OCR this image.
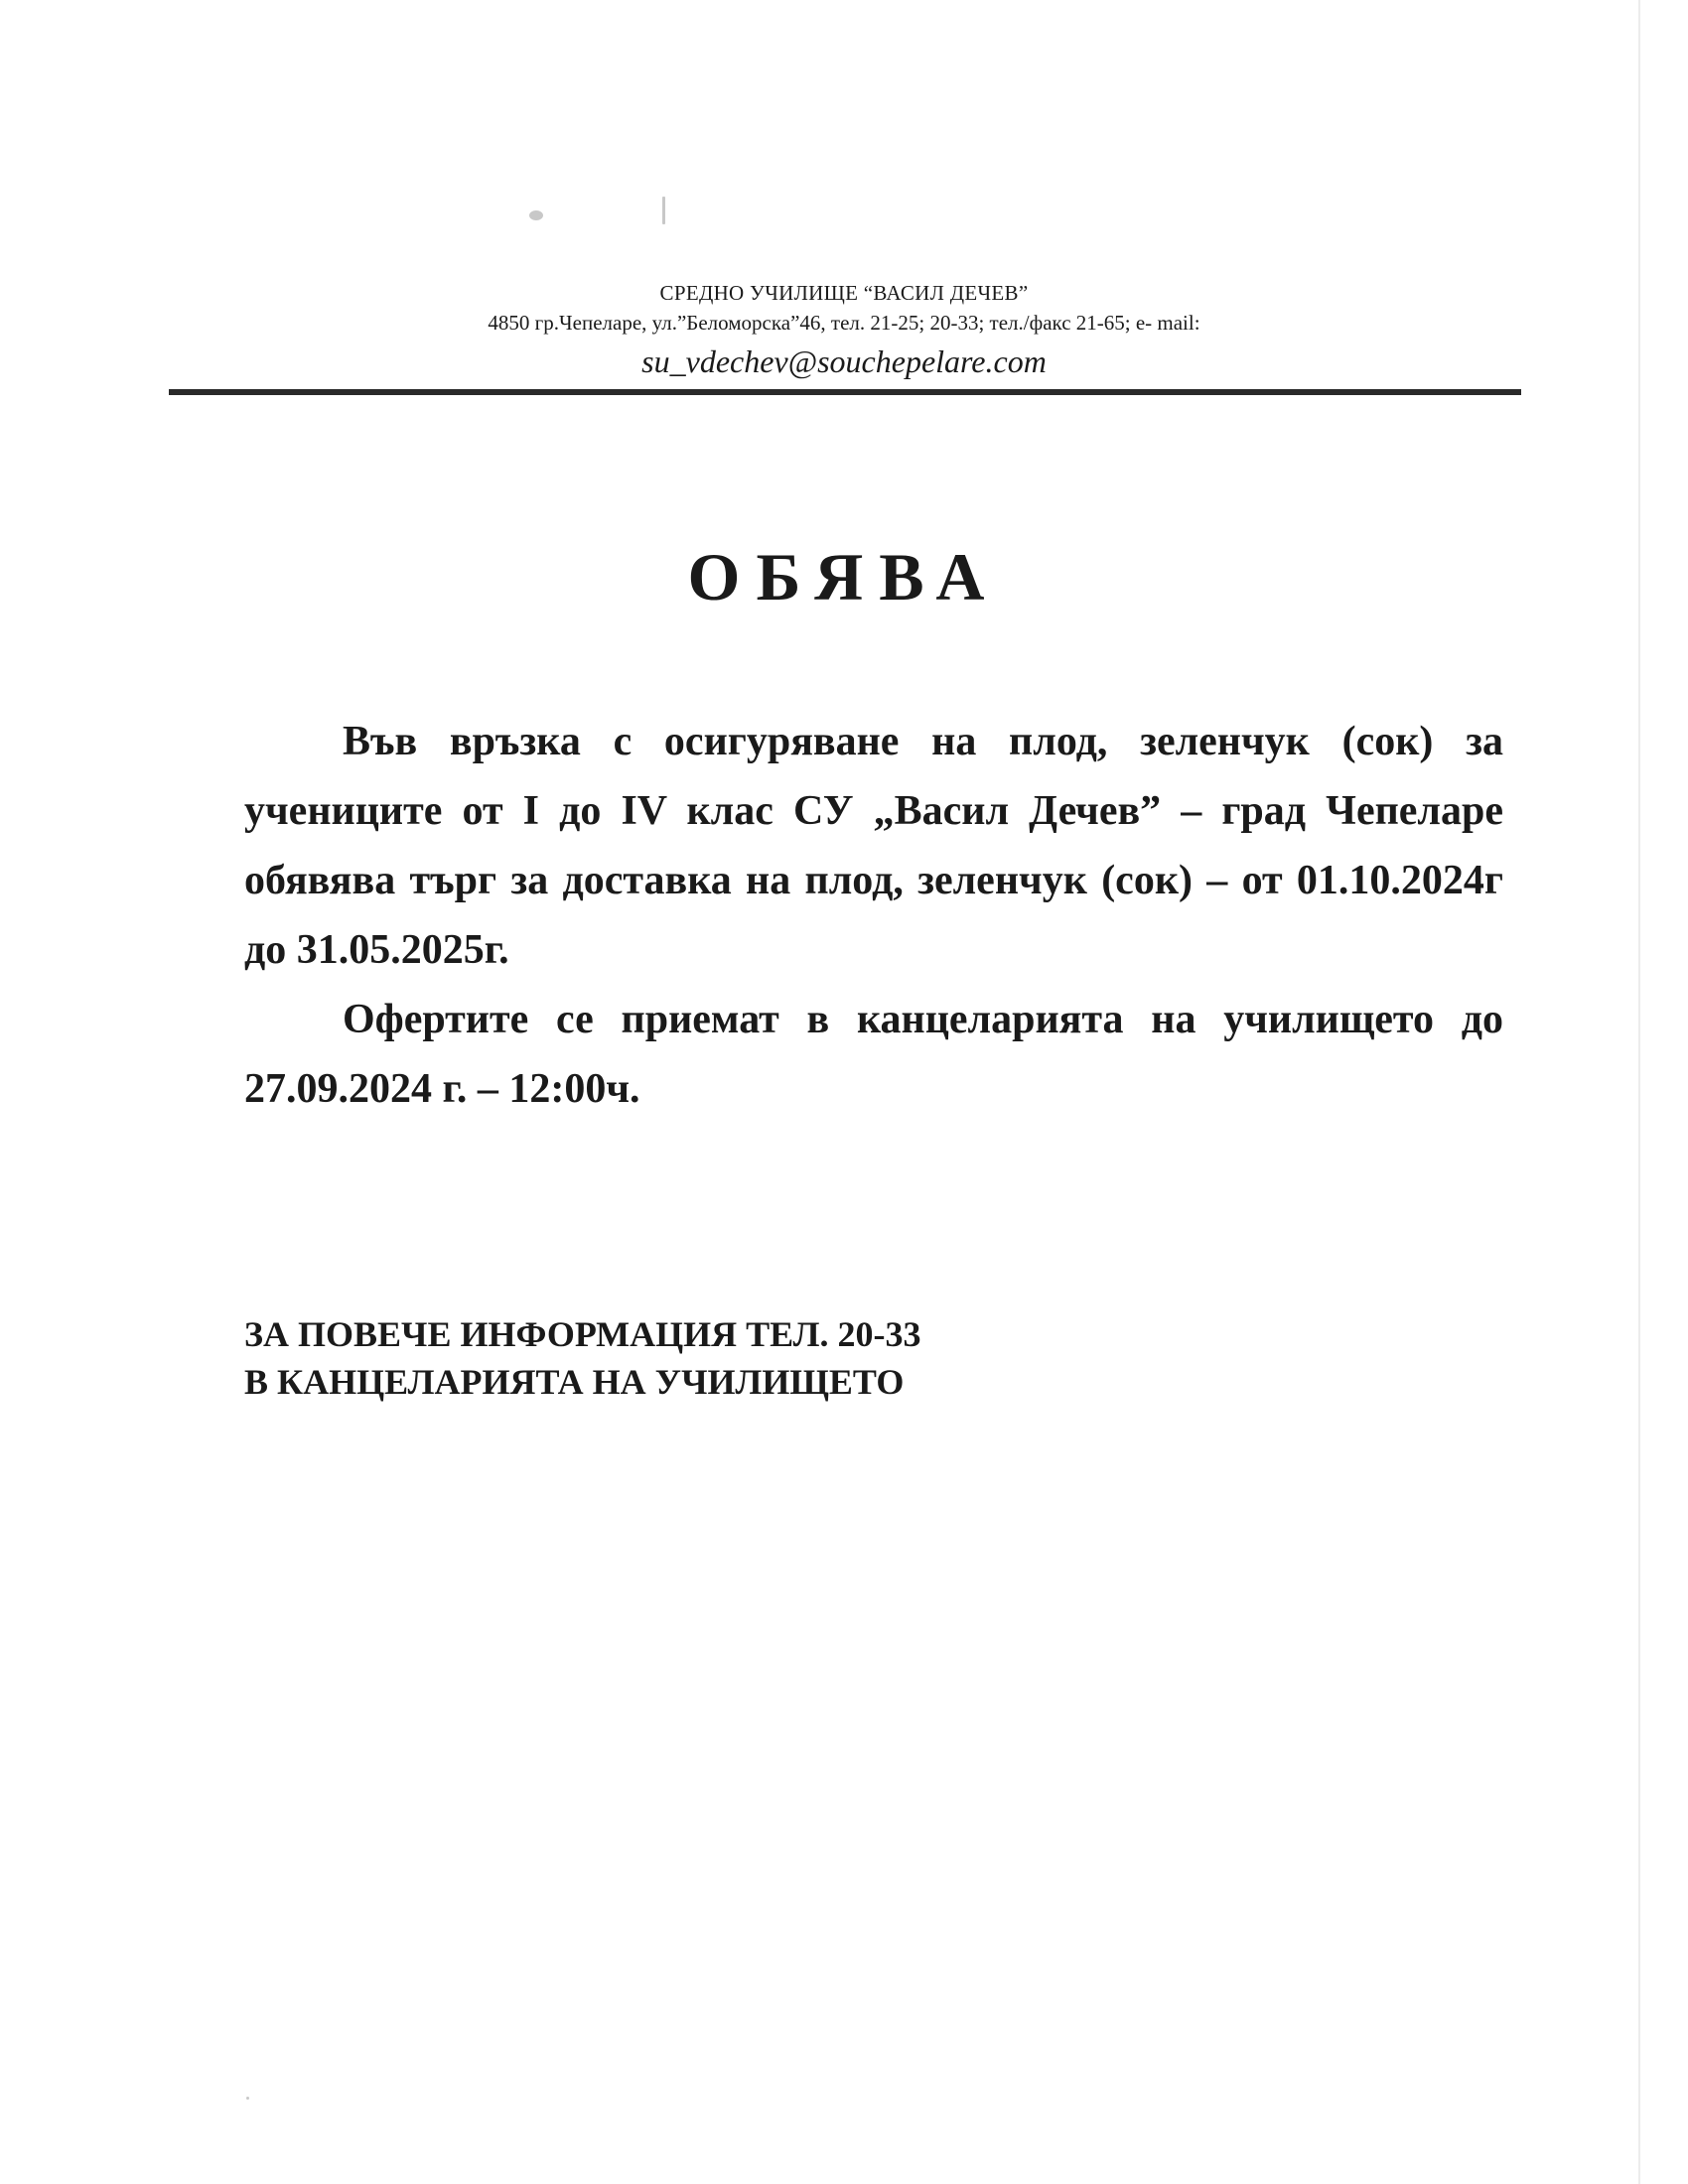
СРЕДНО УЧИЛИЩЕ “ВАСИЛ ДЕЧЕВ”
4850 гр.Чепеларе, ул.”Беломорска”46, тел. 21-25; 20-33; тел./факс 21-65; е- mail:
su_vdechev@souchepelare.com
ОБЯВА

Във връзка с осигуряване на плод, зеленчук (сок) за учениците от I до IV клас СУ „Васил Дечев” – град Чепеларе обявява търг за доставка на плод, зеленчук (сок) – от 01.10.2024г до 31.05.2025г.

Офертите се приемат в канцеларията на училището до 27.09.2024 г. – 12:00ч.

ЗА ПОВЕЧЕ ИНФОРМАЦИЯ ТЕЛ. 20-33
В КАНЦЕЛАРИЯТА НА УЧИЛИЩЕТО
